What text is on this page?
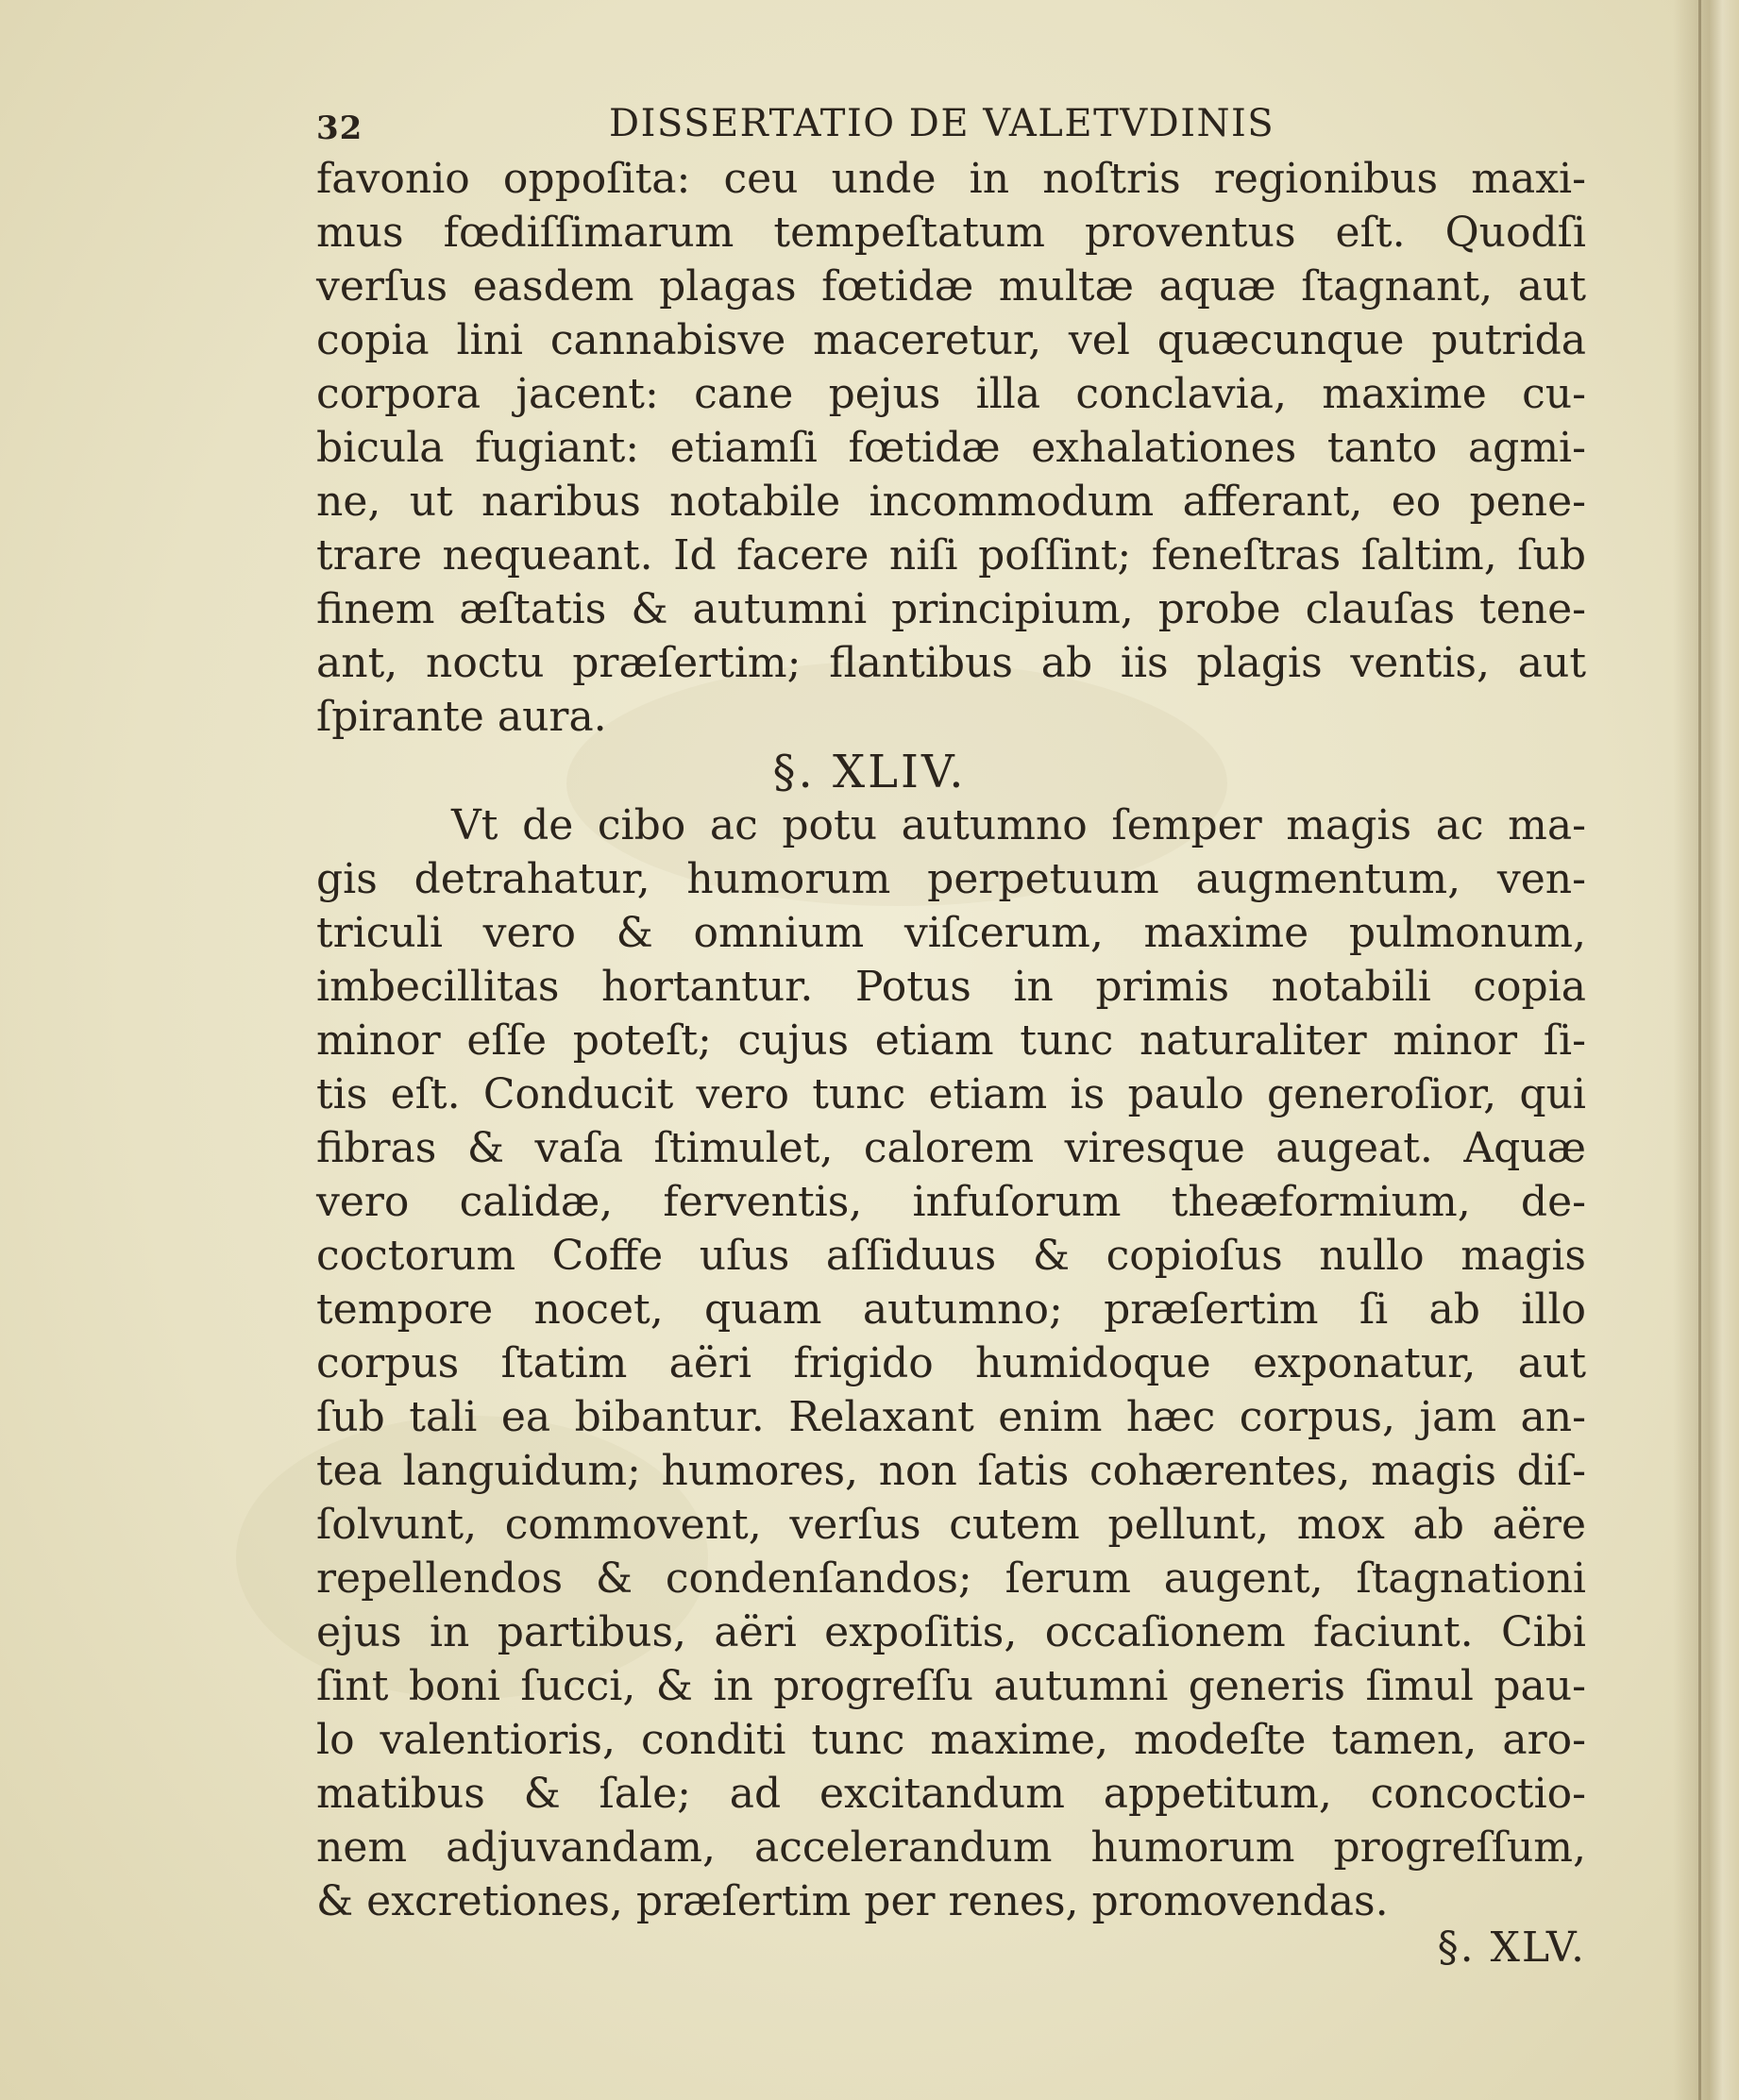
32	DISSERTATIO DE VALETVDINIS
favonio oppoſita: ceu unde in noſtris regionibus maxi-
mus fœdiſſimarum tempeſtatum proventus eſt. Quodſi
verſus easdem plagas fœtidæ multæ aquæ ſtagnant, aut
copia lini cannabisve maceretur, vel quæcunque putrida
corpora jacent: cane pejus illa conclavia, maxime cu-
bicula fugiant: etiamſi fœtidæ exhalationes tanto agmi-
ne, ut naribus notabile incommodum afferant, eo pene-
trare nequeant. Id facere niſi poſſint; feneſtras ſaltim, ſub
finem æſtatis & autumni principium, probe clauſas tene-
ant, noctu præſertim; flantibus ab iis plagis ventis, aut
ſpirante aura.
§. XLIV.
Vt de cibo ac potu autumno ſemper magis ac ma-
gis detrahatur, humorum perpetuum augmentum, ven-
triculi vero & omnium viſcerum, maxime pulmonum,
imbecillitas hortantur. Potus in primis notabili copia
minor eſſe poteſt; cujus etiam tunc naturaliter minor ſi-
tis eſt. Conducit vero tunc etiam is paulo generoſior, qui
fibras & vaſa ſtimulet, calorem viresque augeat. Aquæ
vero calidæ, ferventis, infuſorum theæformium, de-
coctorum Coffe uſus aſſiduus & copioſus nullo magis
tempore nocet, quam autumno; præſertim ſi ab illo
corpus ſtatim aëri frigido humidoque exponatur, aut
ſub tali ea bibantur. Relaxant enim hæc corpus, jam an-
tea languidum; humores, non ſatis cohærentes, magis diſ-
ſolvunt, commovent, verſus cutem pellunt, mox ab aëre
repellendos & condenſandos; ſerum augent, ſtagnationi
ejus in partibus, aëri expoſitis, occaſionem faciunt. Cibi
ſint boni ſucci, & in progreſſu autumni generis ſimul pau-
lo valentioris, conditi tunc maxime, modeſte tamen, aro-
matibus & ſale; ad excitandum appetitum, concoctio-
nem adjuvandam, accelerandum humorum progreſſum,
& excretiones, præſertim per renes, promovendas.
§. XLV.
